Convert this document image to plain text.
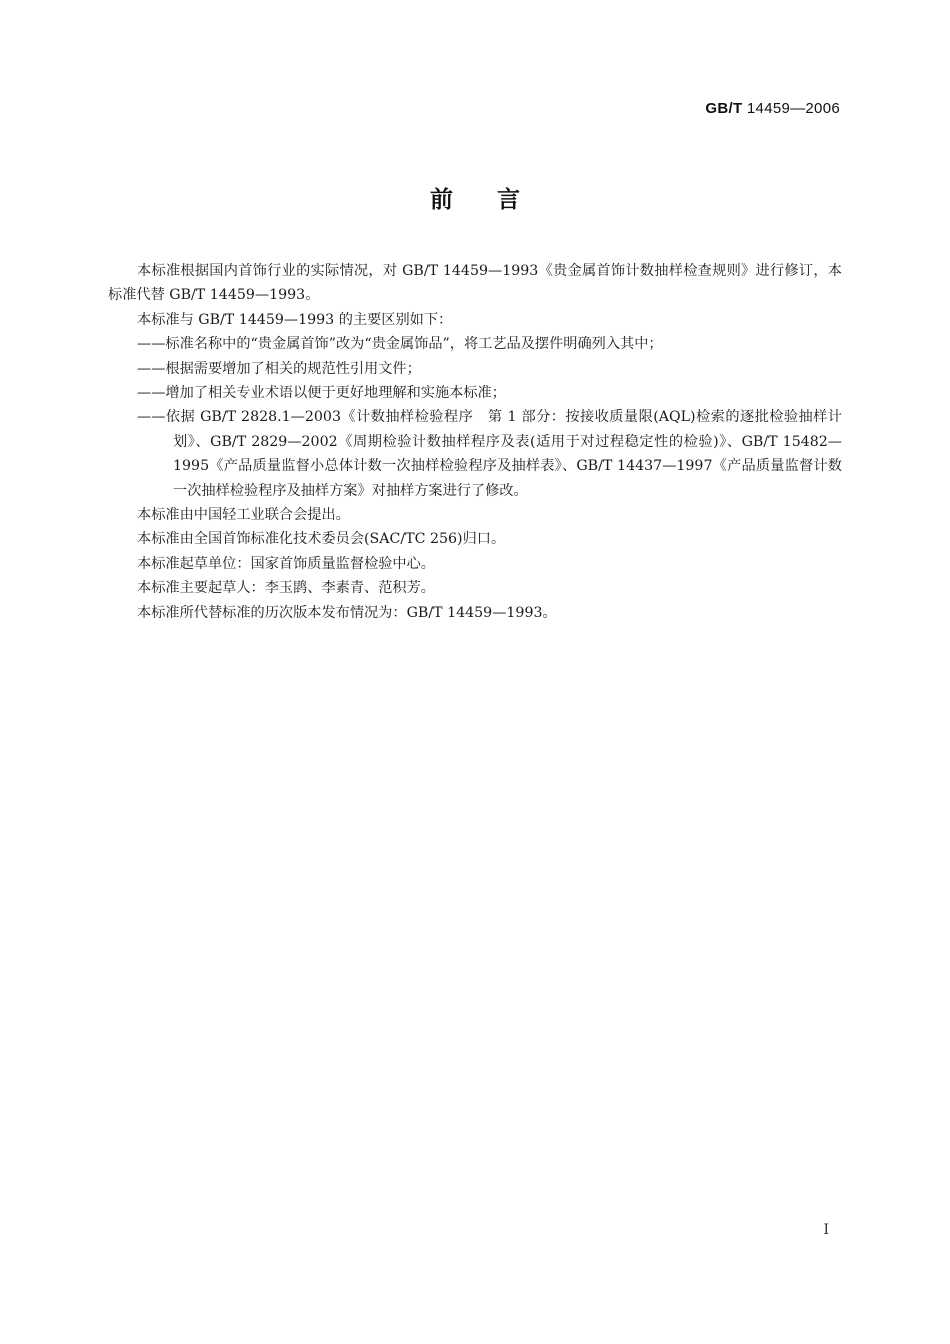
GB/T 14459—2006
前言

本标准根据国内首饰行业的实际情况，对 GB/T 14459—1993《贵金属首饰计数抽样检查规则》进行修订，本标准代替 GB/T 14459—1993。

本标准与 GB/T 14459—1993 的主要区别如下：

——标准名称中的“贵金属首饰”改为“贵金属饰品”，将工艺品及摆件明确列入其中；

——根据需要增加了相关的规范性引用文件；

——增加了相关专业术语以便于更好地理解和实施本标准；

——依据 GB/T 2828.1—2003《计数抽样检验程序　第 1 部分：按接收质量限(AQL)检索的逐批检验抽样计划》、GB/T 2829—2002《周期检验计数抽样程序及表(适用于对过程稳定性的检验)》、GB/T 15482—1995《产品质量监督小总体计数一次抽样检验程序及抽样表》、GB/T 14437—1997《产品质量监督计数一次抽样检验程序及抽样方案》对抽样方案进行了修改。

本标准由中国轻工业联合会提出。

本标准由全国首饰标准化技术委员会(SAC/TC 256)归口。

本标准起草单位：国家首饰质量监督检验中心。

本标准主要起草人：李玉鹍、李素青、范积芳。

本标准所代替标准的历次版本发布情况为：GB/T 14459—1993。

I
